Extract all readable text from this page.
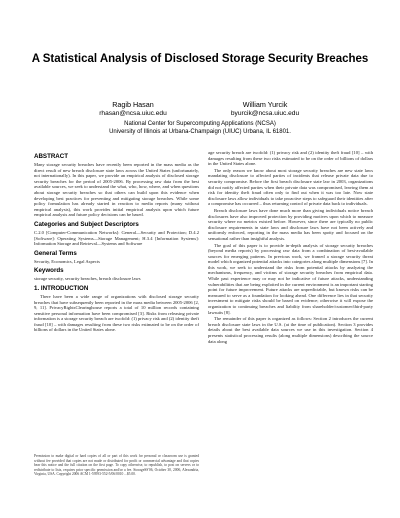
A Statistical Analysis of Disclosed Storage Security Breaches
Ragib Hasan
rhasan@ncsa.uiuc.edu
William Yurcik
byurcik@ncsa.uiuc.edu
National Center for Supercomputing Applications (NCSA)
University of Illinois at Urbana-Champaign (UIUC) Urbana, IL 61801.
ABSTRACT

Many storage security breaches have recently been reported in the mass media as the direct result of new breach disclosure state laws across the United States (unfortunately, not internationally). In this paper, we provide an empirical analysis of disclosed storage security breaches for the period of 2005-2006. By processing raw data from the best available sources, we seek to understand the what, who, how, where, and when questions about storage security breaches so that others can build upon this evidence when developing best practices for preventing and mitigating storage breaches. While some policy formulation has already started in reaction to media reports (many without empirical analysis), this work provides initial empirical analysis upon which future empirical analysis and future policy decisions can be based.

Categories and Subject Descriptors

C.2.0 [Computer-Communication Networks]: General—Security and Protection; D.4.2 [Software]: Operating Systems—Storage Management; H.3.4 [Information Systems]: Information Storage and Retrieval—Systems and Software

General Terms

Security, Economics, Legal Aspects

Keywords

storage security, security breaches, breach disclosure laws

1. INTRODUCTION

There have been a wide range of organizations with disclosed storage security breaches that have subsequently been reported in the mass media between 2005-2006 [2, 9, 11]. PrivacyRightsClearinghouse reports a total of 10 million records containing sensitive personal information have been compromised [3]. Risks from releasing private information is a storage security breach are twofold: (1) privacy risk and (2) identity theft fraud [10] – with damages resulting from these two risks estimated to be on the order of billions of dollars in the United States alone.

Permission to make digital or hard copies of all or part of this work for personal or classroom use is granted without fee provided that copies are not made or distributed for profit or commercial advantage and that copies bear this notice and the full citation on the first page. To copy otherwise, to republish, to post on servers or to redistribute to lists, requires prior specific permission and/or a fee. StorageSS'06, October 30, 2006, Alexandria, Virginia, USA. Copyright 2006 ACM 1-59593-552-5/06/0010 ...$5.00.

age security breach are twofold: (1) privacy risk and (2) identity theft fraud [10] – with damages resulting from these two risks estimated to be on the order of billions of dollars in the United States alone.

The only reason we know about most storage security breaches are new state laws mandating disclosure to affected parties of incidents that release private data due to security compromise. Before the first breach disclosure state law in 2003, organizations did not notify affected parties when their private data was compromised, leaving them at risk for identity theft fraud often only to find out when it was too late. Now state disclosure laws allow individuals to take proactive steps to safeguard their identities after a compromise has occurred – thus returning control of private data back to individuals.

Breach disclosure laws have done much more than giving individuals notice breach disclosures have also improved protection by providing motives upon which to measure security where no metrics existed before. However, since there are typically no public disclosure requirements in state laws and disclosure laws have not been actively and uniformly enforced, reporting in the mass media has been spotty and focused on the sensational rather than insightful analysis.

The goal of this paper is to provide in-depth analysis of storage security breaches (beyond media reports) by processing raw data from a combination of best-available sources for emerging patterns. In previous work, we framed a storage security threat model which organized potential attacks into categories along multiple dimensions [7]. In this work, we seek to understand the risks from potential attacks by analyzing the mechanisms, frequency, and victims of storage security breaches from empirical data. While past experience may or may not be indicative of future attacks, understanding vulnerabilities that are being exploited in the current environment is an important starting point for future improvement. Future attacks are unpredictable, but known risks can be measured to serve as a foundation for looking ahead. One difference lies in that security investment to mitigate risks should be based on evidence; otherwise it will expose the organization to continuing breaches and liability from shareholder/customer/third-party lawsuits [8].

The remainder of this paper is organized as follows: Section 2 introduces the current breach disclosure state laws in the U.S. (at the time of publication). Section 3 provides details about the best available data sources we use in this investigation. Section 4 presents statistical processing results (along multiple dimensions) describing the source data along
